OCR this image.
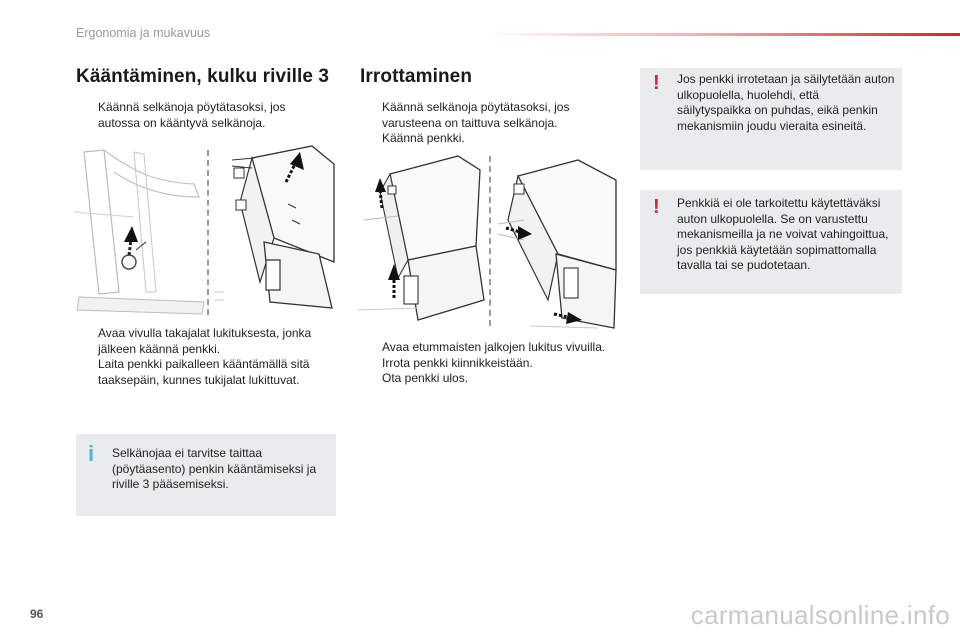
Ergonomia ja mukavuus
Kääntäminen, kulku riville 3
Käännä selkänoja pöytätasoksi, jos autossa on kääntyvä selkänoja.
Avaa vivulla takajalat lukituksesta, jonka jälkeen käännä penkki.
Laita penkki paikalleen kääntämällä sitä taaksepäin, kunnes tukijalat lukittuvat.
i Selkänojaa ei tarvitse taittaa (pöytäasento) penkin kääntämiseksi ja riville 3 pääsemiseksi.
Irrottaminen
Käännä selkänoja pöytätasoksi, jos varusteena on taittuva selkänoja.
Käännä penkki.
Avaa etummaisten jalkojen lukitus vivuilla.
Irrota penkki kiinnikkeistään.
Ota penkki ulos.
! Jos penkki irrotetaan ja säilytetään auton ulkopuolella, huolehdi, että säilytyspaikka on puhdas, eikä penkin mekanismiin joudu vieraita esineitä.
! Penkkiä ei ole tarkoitettu käytettäväksi auton ulkopuolella. Se on varustettu mekanismeilla ja ne voivat vahingoittua, jos penkkiä käytetään sopimattomalla tavalla tai se pudotetaan.
96	carmanualsonline.info
